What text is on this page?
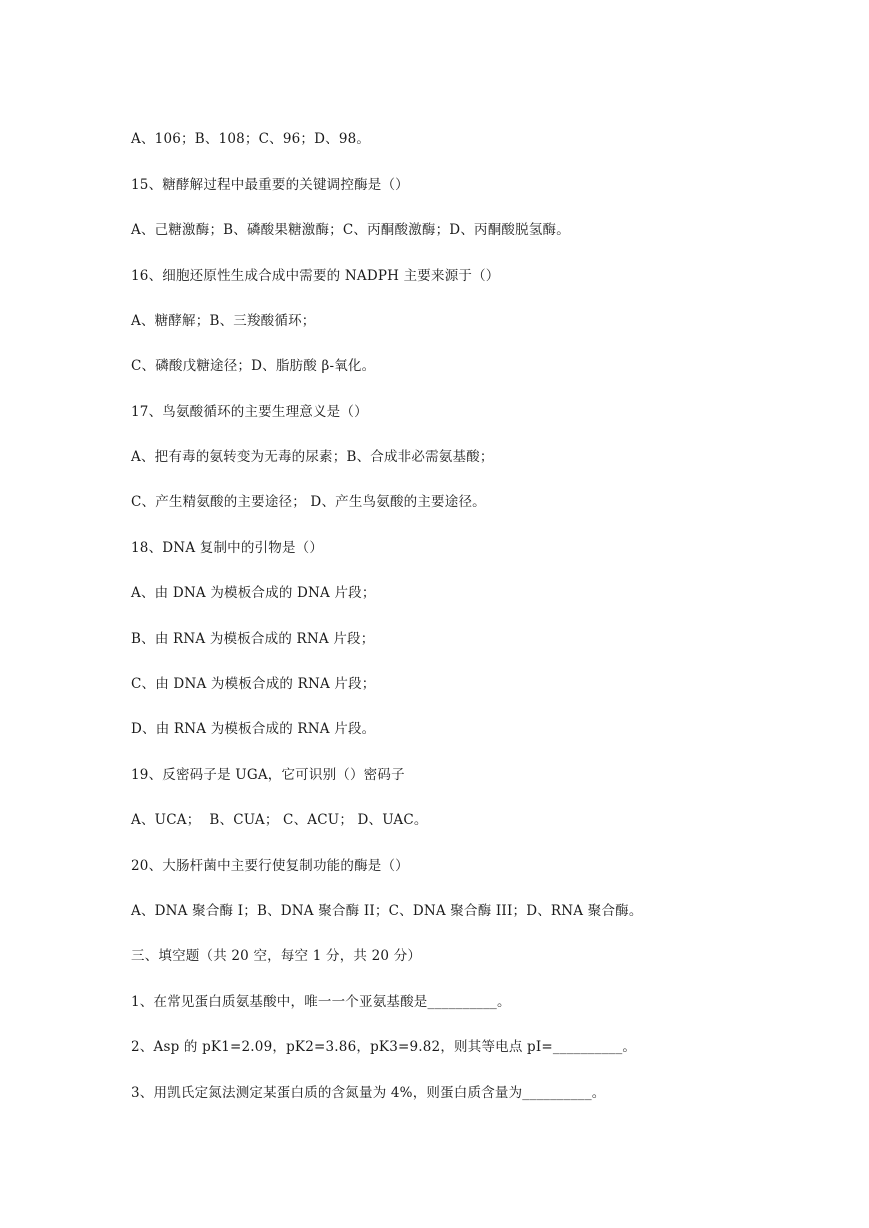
A、106；B、108；C、96；D、98。
15、糖酵解过程中最重要的关键调控酶是（）
A、己糖激酶；B、磷酸果糖激酶；C、丙酮酸激酶；D、丙酮酸脱氢酶。
16、细胞还原性生成合成中需要的 NADPH 主要来源于（）
A、糖酵解；B、三羧酸循环；
C、磷酸戊糖途径；D、脂肪酸 β-氧化。
17、鸟氨酸循环的主要生理意义是（）
A、把有毒的氨转变为无毒的尿素；B、合成非必需氨基酸；
C、产生精氨酸的主要途径； D、产生鸟氨酸的主要途径。
18、DNA 复制中的引物是（）
A、由 DNA 为模板合成的 DNA 片段；
B、由 RNA 为模板合成的 RNA 片段；
C、由 DNA 为模板合成的 RNA 片段；
D、由 RNA 为模板合成的 RNA 片段。
19、反密码子是 UGA，它可识别（）密码子
A、UCA；  B、CUA； C、ACU； D、UAC。
20、大肠杆菌中主要行使复制功能的酶是（）
A、DNA 聚合酶 I；B、DNA 聚合酶 II；C、DNA 聚合酶 III；D、RNA 聚合酶。
三、填空题（共 20 空，每空 1 分，共 20 分）
1、在常见蛋白质氨基酸中，唯一一个亚氨基酸是__________。
2、Asp 的 pK1=2.09，pK2=3.86，pK3=9.82，则其等电点 pI=__________。
3、用凯氏定氮法测定某蛋白质的含氮量为 4%，则蛋白质含量为__________。
